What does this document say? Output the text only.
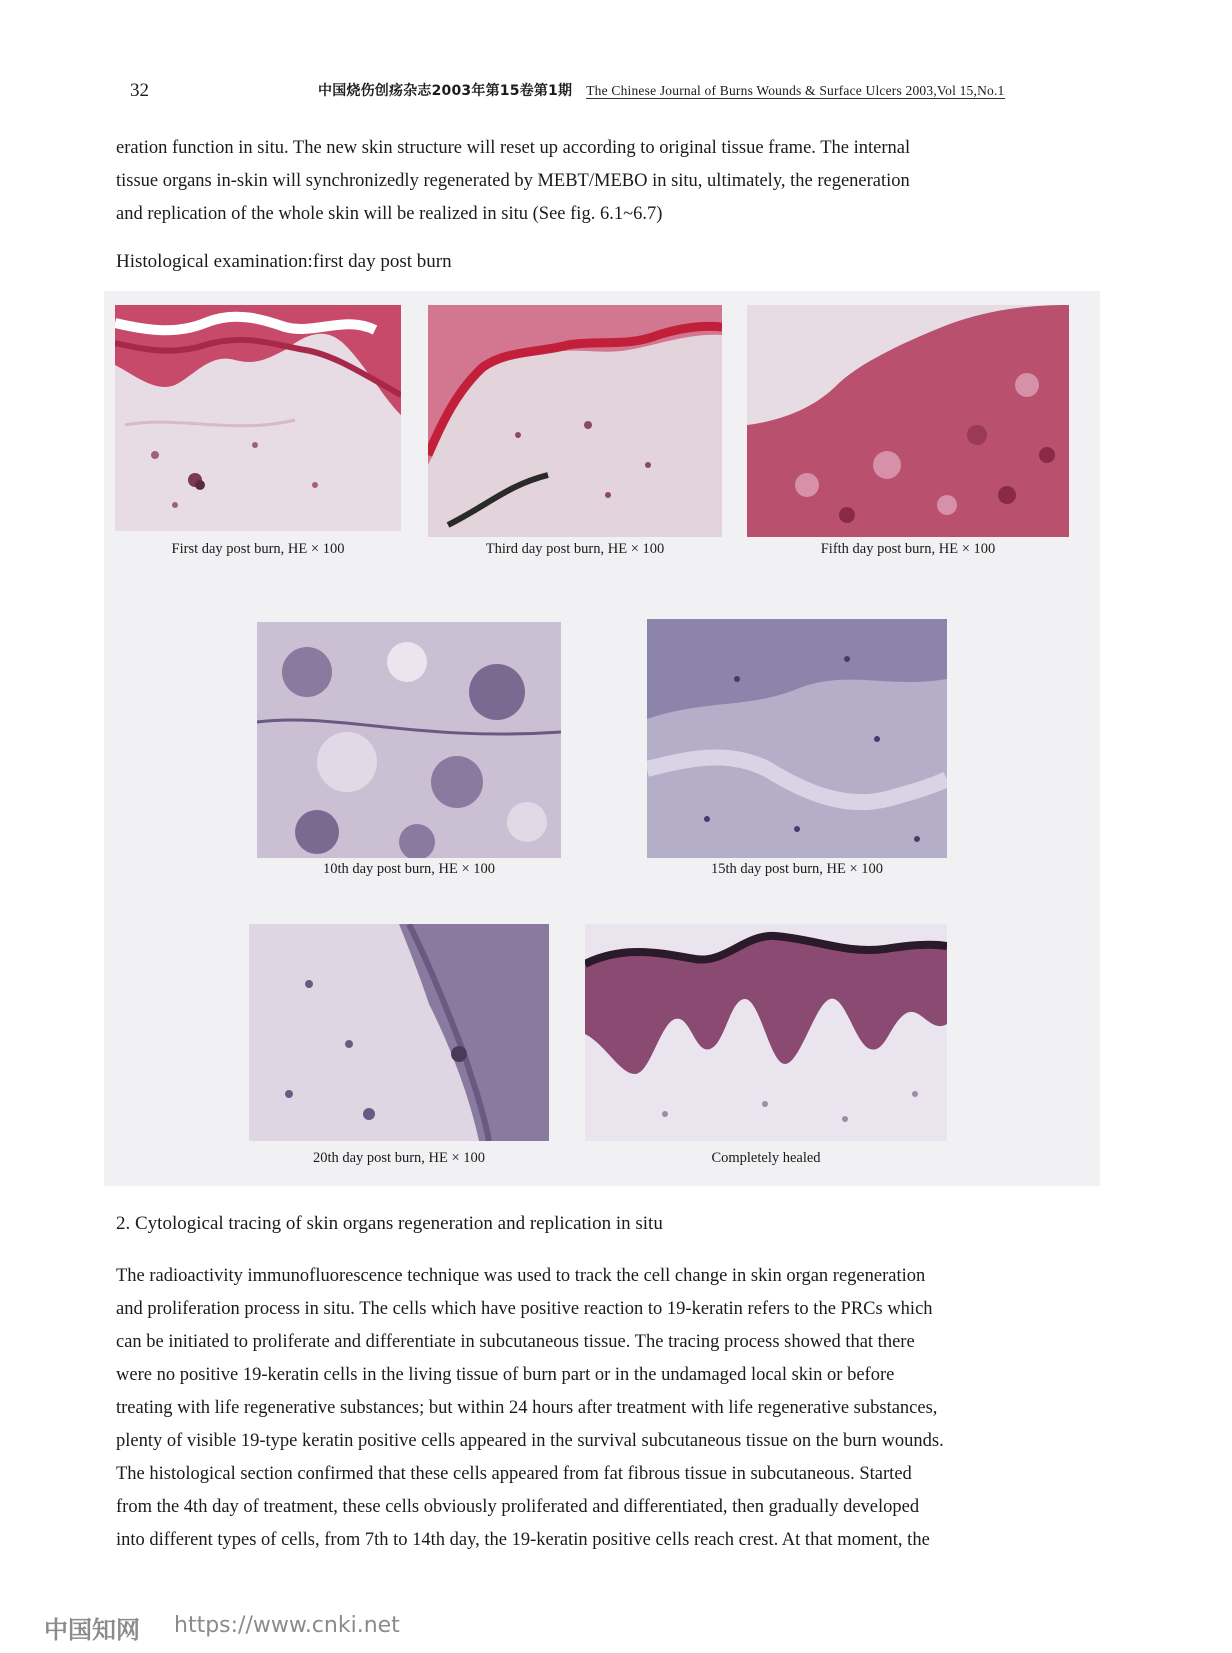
32	中国烧伤创疡杂志2003年第15卷第1期 The Chinese Journal of Burns Wounds & Surface Ulcers 2003,Vol 15,No.1
eration function in situ. The new skin structure will reset up according to original tissue frame. The internal
tissue organs in-skin will synchronizedly regenerated by MEBT/MEBO in situ, ultimately, the regeneration
and replication of the whole skin will be realized in situ (See fig. 6.1~6.7)
Histological examination:first day post burn
First day post burn, HE × 100	Third day post burn, HE × 100	Fifth day post burn, HE × 100
10th day post burn, HE × 100	15th day post burn, HE × 100
20th day post burn, HE × 100	Completely healed
2. Cytological tracing of skin organs regeneration and replication in situ
The radioactivity immunofluorescence technique was used to track the cell change in skin organ regeneration
and proliferation process in situ. The cells which have positive reaction to 19-keratin refers to the PRCs which
can be initiated to proliferate and differentiate in subcutaneous tissue. The tracing process showed that there
were no positive 19-keratin cells in the living tissue of burn part or in the undamaged local skin or before
treating with life regenerative substances; but within 24 hours after treatment with life regenerative substances,
plenty of visible 19-type keratin positive cells appeared in the survival subcutaneous tissue on the burn wounds.
The histological section confirmed that these cells appeared from fat fibrous tissue in subcutaneous. Started
from the 4th day of treatment, these cells obviously proliferated and differentiated, then gradually developed
into different types of cells, from 7th to 14th day, the 19-keratin positive cells reach crest. At that moment, the
中国知网 https://www.cnki.net
